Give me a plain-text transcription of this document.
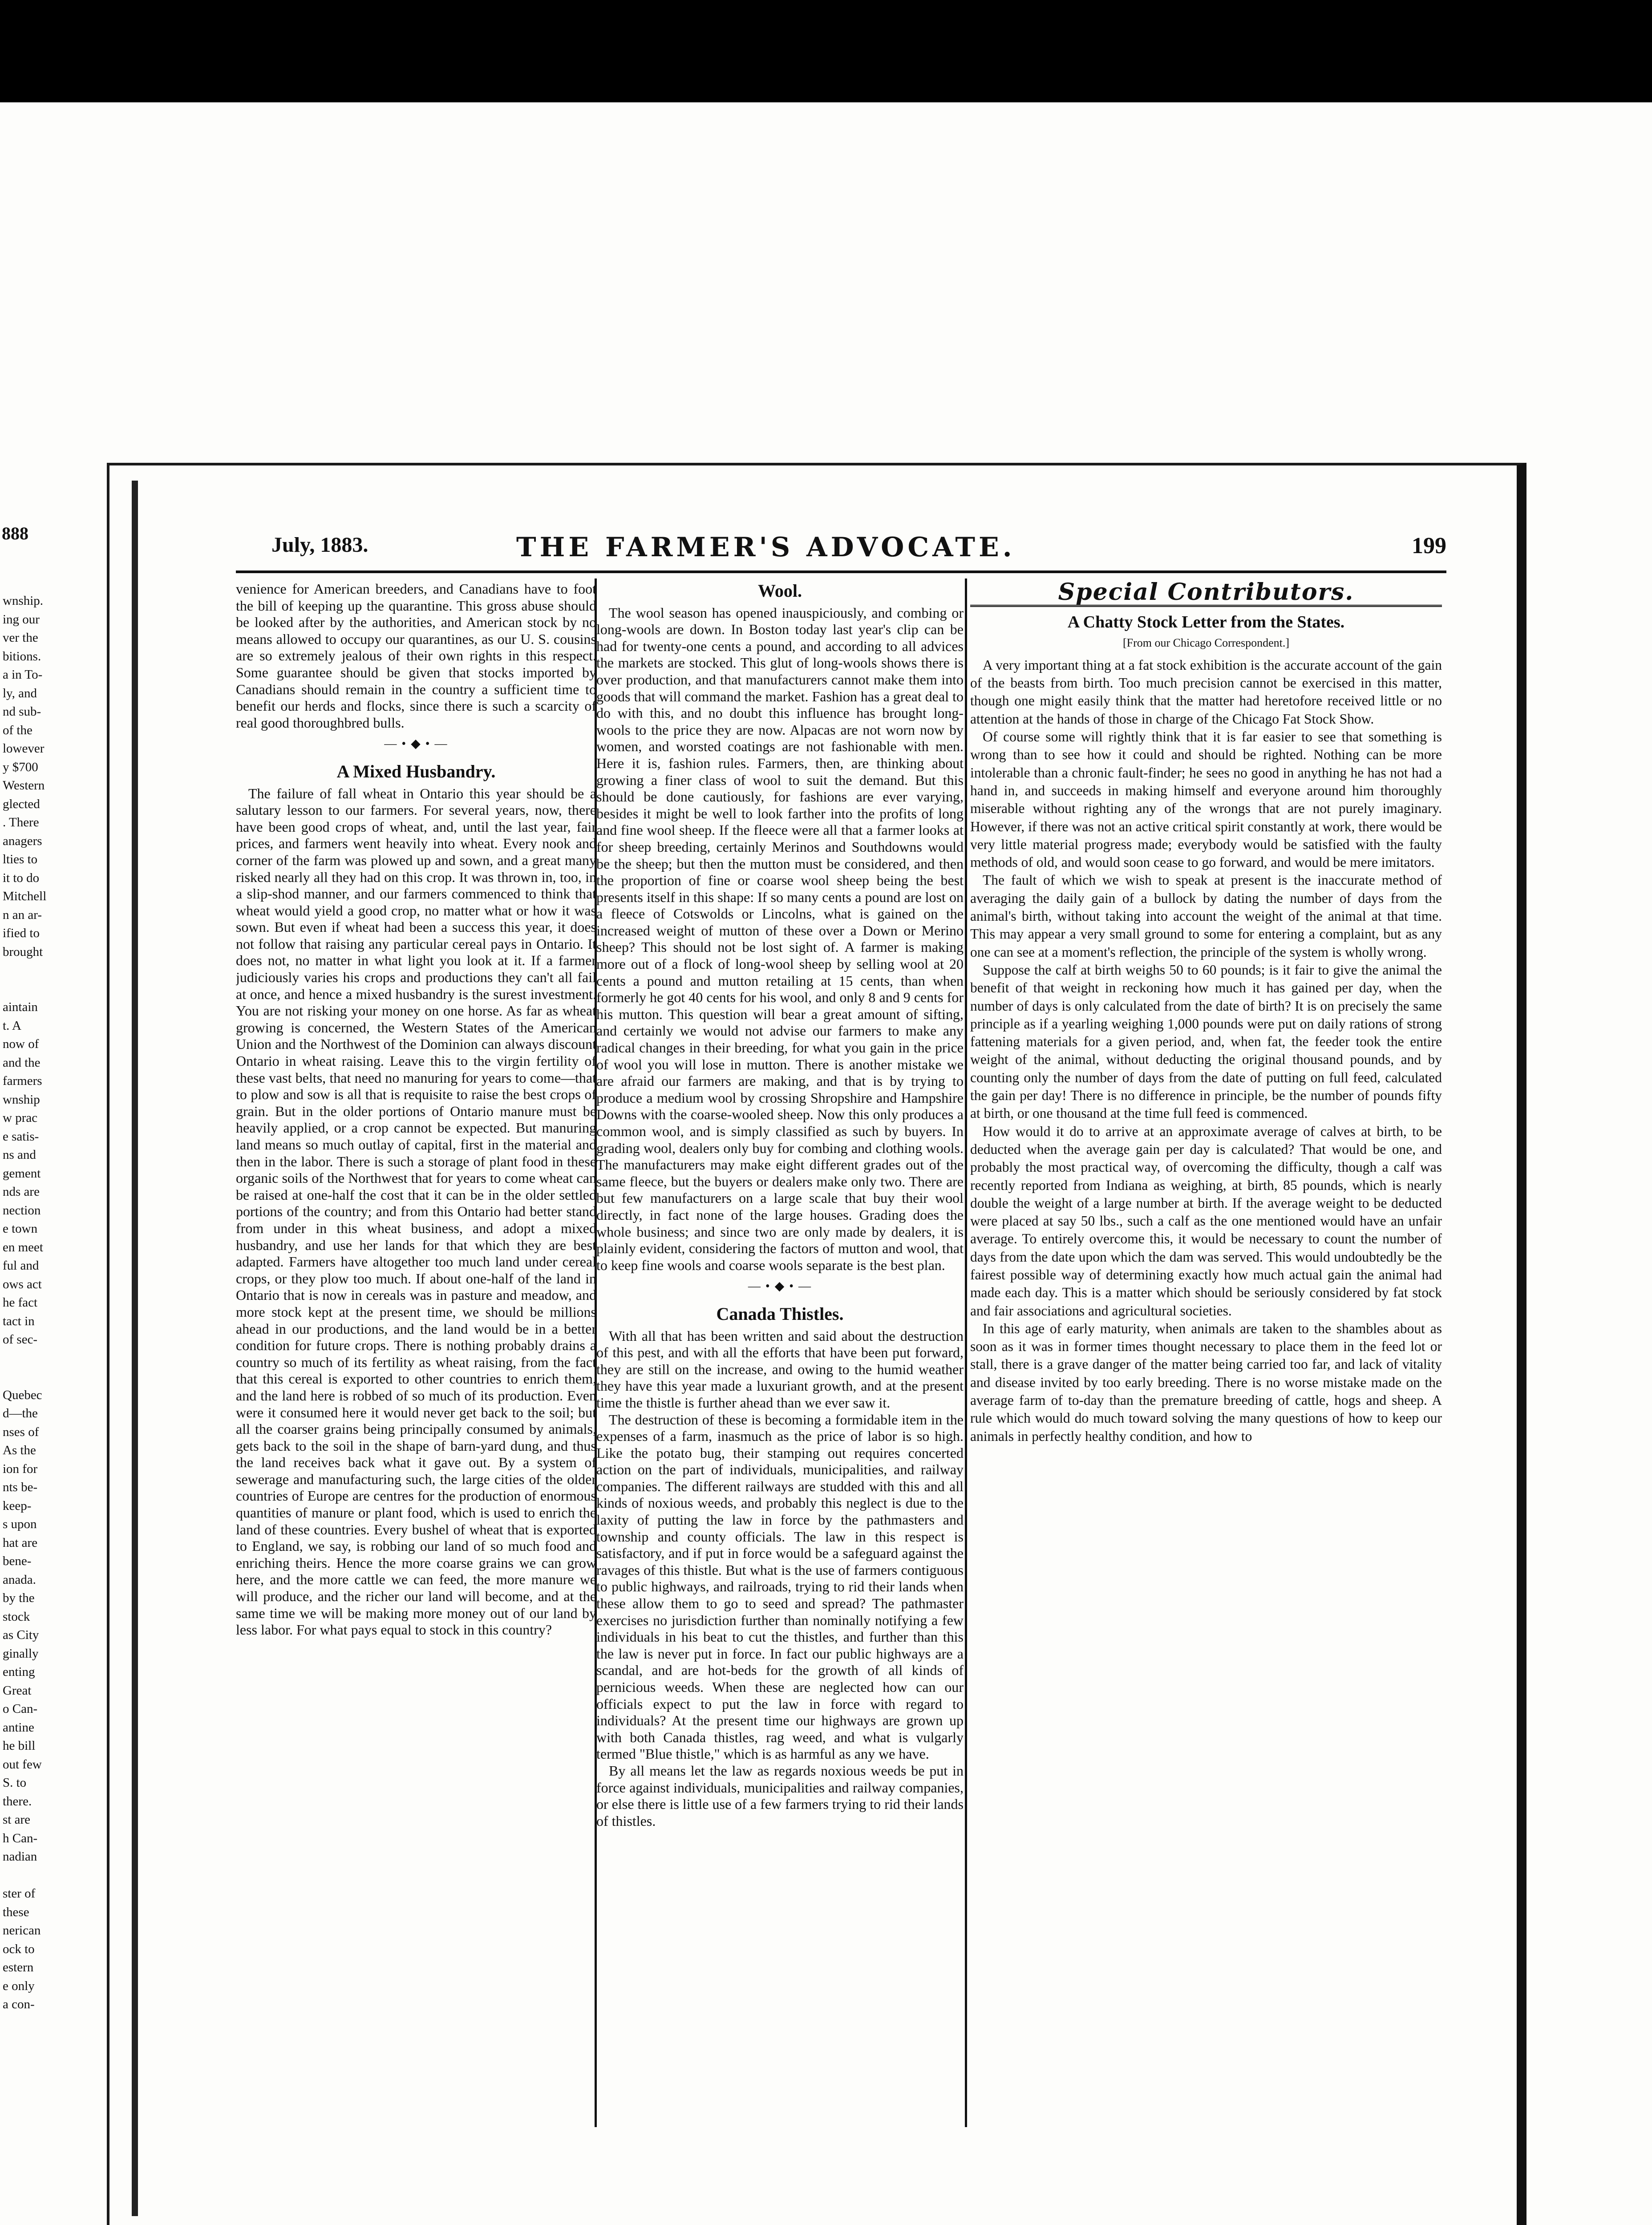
888
wnship.
ing our
ver the
bitions.
a in To-
ly, and
nd sub-
of the
lowever
y $700
Western
glected
. There
anagers
lties to
it to do
Mitchell
n an ar-
ified to
brought
aintain
t. A
now of
and the
farmers
wnship
w prac
e satis-
ns and
gement
nds are
nection
e town
en meet
ful and
ows act
he fact
tact in
of sec-
Quebec
d—the
nses of
As the
ion for
nts be-
keep-
s upon
hat are
bene-
anada.
by the
stock
as City
ginally
enting
Great
o Can-
antine
he bill
out few
S. to
there.
st are
h Can-
nadian
ster of
these
nerican
ock to
estern
e only
a con-
July, 1883.	THE FARMER'S ADVOCATE.	199

venience for American breeders, and Canadians have to foot the bill of keeping up the quarantine. This gross abuse should be looked after by the authorities, and American stock by no means allowed to occupy our quarantines, as our U. S. cousins are so extremely jealous of their own rights in this respect. Some guarantee should be given that stocks imported by Canadians should remain in the country a sufficient time to benefit our herds and flocks, since there is such a scarcity of real good thoroughbred bulls.

— • ◆ • —
A Mixed Husbandry.

The failure of fall wheat in Ontario this year should be a salutary lesson to our farmers. For several years, now, there have been good crops of wheat, and, until the last year, fair prices, and farmers went heavily into wheat. Every nook and corner of the farm was plowed up and sown, and a great many risked nearly all they had on this crop. It was thrown in, too, in a slip-shod manner, and our farmers commenced to think that wheat would yield a good crop, no matter what or how it was sown. But even if wheat had been a success this year, it does not follow that raising any particular cereal pays in Ontario. It does not, no matter in what light you look at it. If a farmer judiciously varies his crops and productions they can't all fail at once, and hence a mixed husbandry is the surest investment. You are not risking your money on one horse. As far as wheat growing is concerned, the Western States of the American Union and the Northwest of the Dominion can always discount Ontario in wheat raising. Leave this to the virgin fertility of these vast belts, that need no manuring for years to come—that to plow and sow is all that is requisite to raise the best crops of grain. But in the older portions of Ontario manure must be heavily applied, or a crop cannot be expected. But manuring land means so much outlay of capital, first in the material and then in the labor. There is such a storage of plant food in these organic soils of the Northwest that for years to come wheat can be raised at one-half the cost that it can be in the older settled portions of the country; and from this Ontario had better stand from under in this wheat business, and adopt a mixed husbandry, and use her lands for that which they are best adapted. Farmers have altogether too much land under cereal crops, or they plow too much. If about one-half of the land in Ontario that is now in cereals was in pasture and meadow, and more stock kept at the present time, we should be millions ahead in our productions, and the land would be in a better condition for future crops. There is nothing probably drains a country so much of its fertility as wheat raising, from the fact that this cereal is exported to other countries to enrich them, and the land here is robbed of so much of its production. Even were it consumed here it would never get back to the soil; but all the coarser grains being principally consumed by animals, gets back to the soil in the shape of barn-yard dung, and thus the land receives back what it gave out. By a system of sewerage and manufacturing such, the large cities of the older countries of Europe are centres for the production of enormous quantities of manure or plant food, which is used to enrich the land of these countries. Every bushel of wheat that is exported to England, we say, is robbing our land of so much food and enriching theirs. Hence the more coarse grains we can grow here, and the more cattle we can feed, the more manure we will produce, and the richer our land will become, and at the same time we will be making more money out of our land by less labor. For what pays equal to stock in this country?

Wool.

The wool season has opened inauspiciously, and combing or long-wools are down. In Boston today last year's clip can be had for twenty-one cents a pound, and according to all advices the markets are stocked. This glut of long-wools shows there is over production, and that manufacturers cannot make them into goods that will command the market. Fashion has a great deal to do with this, and no doubt this influence has brought long-wools to the price they are now. Alpacas are not worn now by women, and worsted coatings are not fashionable with men. Here it is, fashion rules. Farmers, then, are thinking about growing a finer class of wool to suit the demand. But this should be done cautiously, for fashions are ever varying, besides it might be well to look farther into the profits of long and fine wool sheep. If the fleece were all that a farmer looks at for sheep breeding, certainly Merinos and Southdowns would be the sheep; but then the mutton must be considered, and then the proportion of fine or coarse wool sheep being the best presents itself in this shape: If so many cents a pound are lost on a fleece of Cotswolds or Lincolns, what is gained on the increased weight of mutton of these over a Down or Merino sheep? This should not be lost sight of. A farmer is making more out of a flock of long-wool sheep by selling wool at 20 cents a pound and mutton retailing at 15 cents, than when formerly he got 40 cents for his wool, and only 8 and 9 cents for his mutton. This question will bear a great amount of sifting, and certainly we would not advise our farmers to make any radical changes in their breeding, for what you gain in the price of wool you will lose in mutton. There is another mistake we are afraid our farmers are making, and that is by trying to produce a medium wool by crossing Shropshire and Hampshire Downs with the coarse-wooled sheep. Now this only produces a common wool, and is simply classified as such by buyers. In grading wool, dealers only buy for combing and clothing wools. The manufacturers may make eight different grades out of the same fleece, but the buyers or dealers make only two. There are but few manufacturers on a large scale that buy their wool directly, in fact none of the large houses. Grading does the whole business; and since two are only made by dealers, it is plainly evident, considering the factors of mutton and wool, that to keep fine wools and coarse wools separate is the best plan.

— • ◆ • —
Canada Thistles.

With all that has been written and said about the destruction of this pest, and with all the efforts that have been put forward, they are still on the increase, and owing to the humid weather they have this year made a luxuriant growth, and at the present time the thistle is further ahead than we ever saw it.

The destruction of these is becoming a formidable item in the expenses of a farm, inasmuch as the price of labor is so high. Like the potato bug, their stamping out requires concerted action on the part of individuals, municipalities, and railway companies. The different railways are studded with this and all kinds of noxious weeds, and probably this neglect is due to the laxity of putting the law in force by the pathmasters and township and county officials. The law in this respect is satisfactory, and if put in force would be a safeguard against the ravages of this thistle. But what is the use of farmers contiguous to public highways, and railroads, trying to rid their lands when these allow them to go to seed and spread? The pathmaster exercises no jurisdiction further than nominally notifying a few individuals in his beat to cut the thistles, and further than this the law is never put in force. In fact our public highways are a scandal, and are hot-beds for the growth of all kinds of pernicious weeds. When these are neglected how can our officials expect to put the law in force with regard to individuals? At the present time our highways are grown up with both Canada thistles, rag weed, and what is vulgarly termed "Blue thistle," which is as harmful as any we have.

By all means let the law as regards noxious weeds be put in force against individuals, municipalities and railway companies, or else there is little use of a few farmers trying to rid their lands of thistles.

Special Contributors.
A Chatty Stock Letter from the States.
[From our Chicago Correspondent.]

A very important thing at a fat stock exhibition is the accurate account of the gain of the beasts from birth. Too much precision cannot be exercised in this matter, though one might easily think that the matter had heretofore received little or no attention at the hands of those in charge of the Chicago Fat Stock Show.

Of course some will rightly think that it is far easier to see that something is wrong than to see how it could and should be righted. Nothing can be more intolerable than a chronic fault-finder; he sees no good in anything he has not had a hand in, and succeeds in making himself and everyone around him thoroughly miserable without righting any of the wrongs that are not purely imaginary. However, if there was not an active critical spirit constantly at work, there would be very little material progress made; everybody would be satisfied with the faulty methods of old, and would soon cease to go forward, and would be mere imitators.

The fault of which we wish to speak at present is the inaccurate method of averaging the daily gain of a bullock by dating the number of days from the animal's birth, without taking into account the weight of the animal at that time. This may appear a very small ground to some for entering a complaint, but as any one can see at a moment's reflection, the principle of the system is wholly wrong.

Suppose the calf at birth weighs 50 to 60 pounds; is it fair to give the animal the benefit of that weight in reckoning how much it has gained per day, when the number of days is only calculated from the date of birth? It is on precisely the same principle as if a yearling weighing 1,000 pounds were put on daily rations of strong fattening materials for a given period, and, when fat, the feeder took the entire weight of the animal, without deducting the original thousand pounds, and by counting only the number of days from the date of putting on full feed, calculated the gain per day! There is no difference in principle, be the number of pounds fifty at birth, or one thousand at the time full feed is commenced.

How would it do to arrive at an approximate average of calves at birth, to be deducted when the average gain per day is calculated? That would be one, and probably the most practical way, of overcoming the difficulty, though a calf was recently reported from Indiana as weighing, at birth, 85 pounds, which is nearly double the weight of a large number at birth. If the average weight to be deducted were placed at say 50 lbs., such a calf as the one mentioned would have an unfair average. To entirely overcome this, it would be necessary to count the number of days from the date upon which the dam was served. This would undoubtedly be the fairest possible way of determining exactly how much actual gain the animal had made each day. This is a matter which should be seriously considered by fat stock and fair associations and agricultural societies.

In this age of early maturity, when animals are taken to the shambles about as soon as it was in former times thought necessary to place them in the feed lot or stall, there is a grave danger of the matter being carried too far, and lack of vitality and disease invited by too early breeding. There is no worse mistake made on the average farm of to-day than the premature breeding of cattle, hogs and sheep. A rule which would do much toward solving the many questions of how to keep our animals in perfectly healthy condition, and how to
